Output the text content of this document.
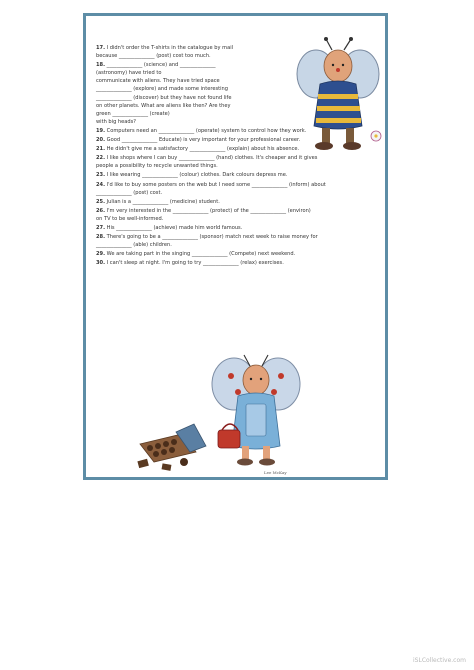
17. I didn't order the T-shirts in the catalogue by mail
because ______________ (post) cost too much.
18. ______________ (science) and ______________
(astronomy) have tried to
communicate with aliens. They have tried space
______________ (explore) and made some interesting
______________ (discover) but they have not found life
on other planets. What are aliens like then? Are they
green ______________ (create)
with big heads?
19. Computers need an ______________ (operate) system to control how they work.
20. Good ______________ Educate) is very important for your professional career.
21. He didn't give me a satisfactory ______________ (explain) about his absence.
22. I like shops where I can buy ______________ (hand) clothes. It's cheaper and it gives
people a possibility to recycle unwanted things.
23. I like wearing ______________ (colour) clothes. Dark colours depress me.
24. I'd like to buy some posters on the web but I need some ______________ (inform) about
______________ (post) cost.
25. Julian is a ______________ (medicine) student.
26. I'm very interested in the ______________ (protect) of the ______________ (environ)
on TV to be well-informed.
27. His ______________ (achieve) made him world famous.
28. There's going to be a ______________ (sponsor) match next week to raise money for
______________ (able) children.
29. We are taking part in the singing ______________ (Compete) next weekend.
30. I can't sleep at night. I'm going to try ______________ (relax) exercises.
Lee McKay
iSLCollective.com
